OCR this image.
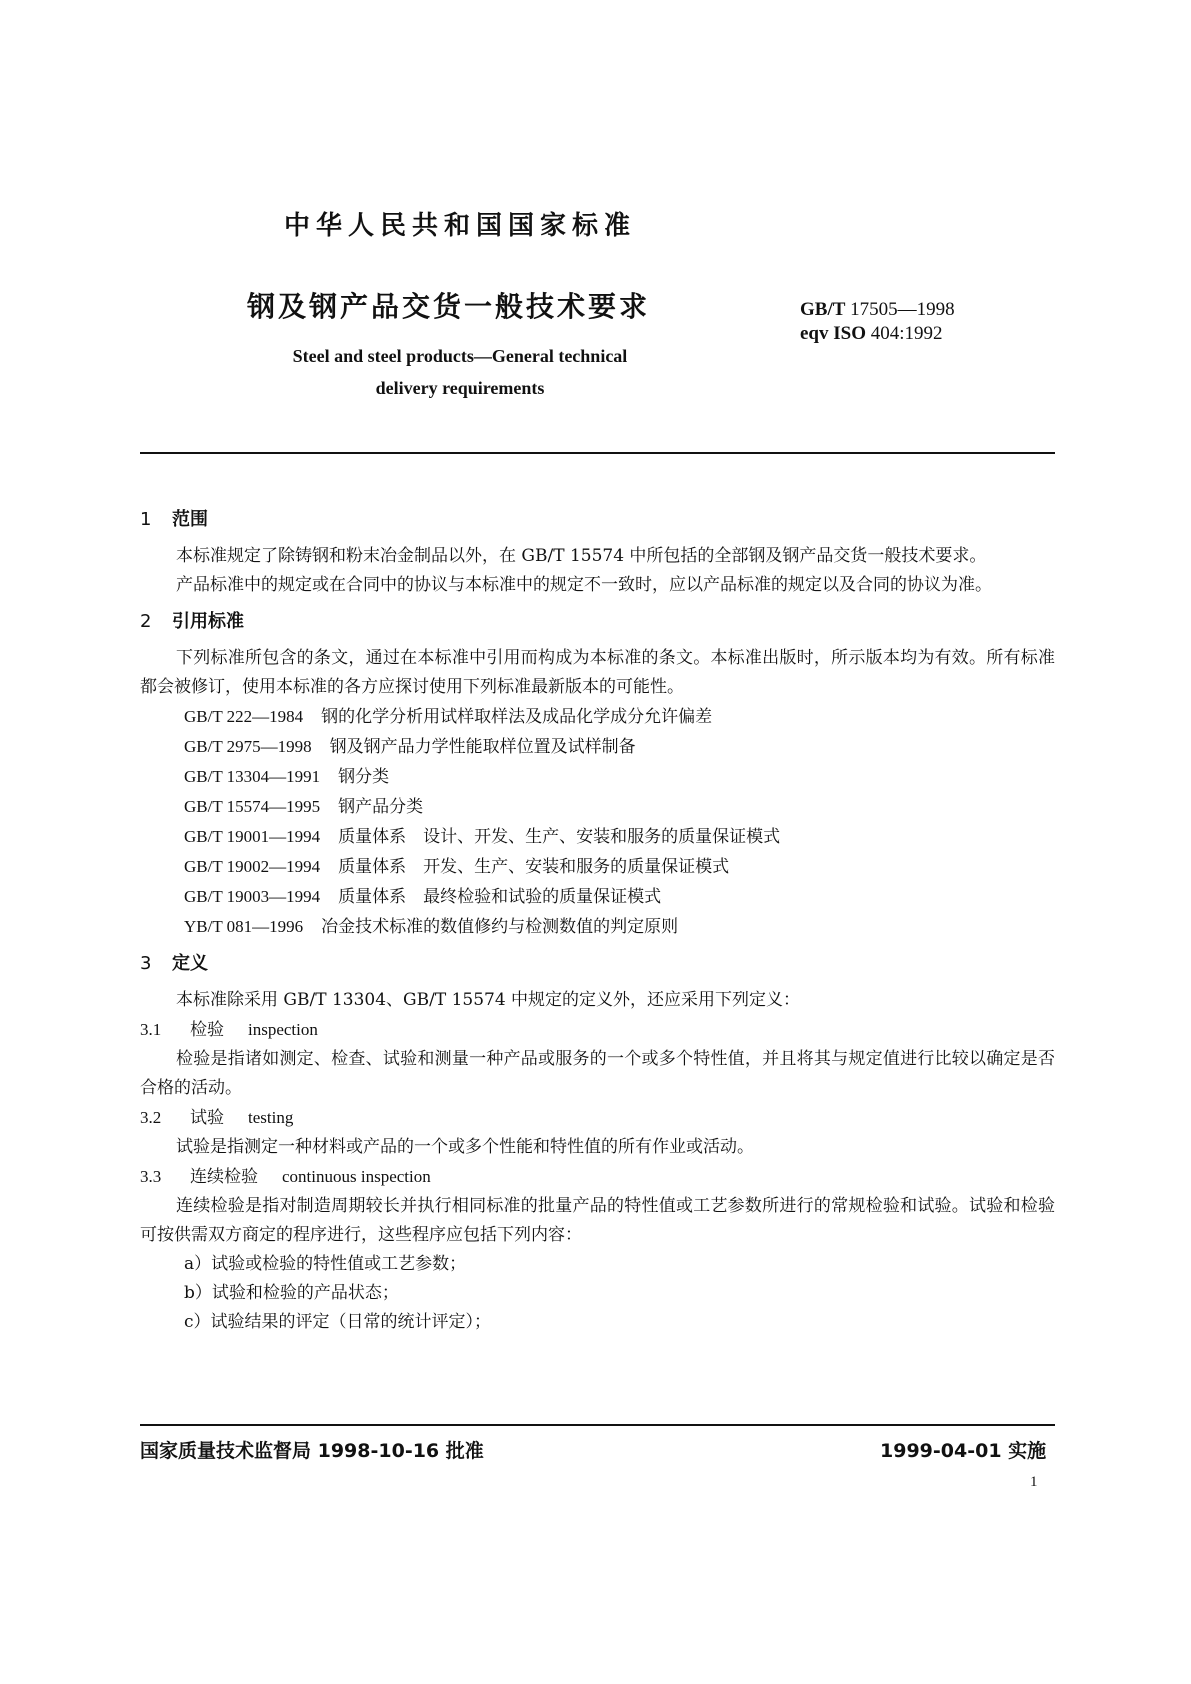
中华人民共和国国家标准
钢及钢产品交货一般技术要求	GB/T 17505—1998
eqv ISO 404:1992
Steel and steel products—General technical
delivery requirements
1 范围

本标准规定了除铸钢和粉末冶金制品以外，在 GB/T 15574 中所包括的全部钢及钢产品交货一般技术要求。

产品标准中的规定或在合同中的协议与本标准中的规定不一致时，应以产品标准的规定以及合同的协议为准。

2 引用标准

下列标准所包含的条文，通过在本标准中引用而构成为本标准的条文。本标准出版时，所示版本均为有效。所有标准都会被修订，使用本标准的各方应探讨使用下列标准最新版本的可能性。

GB/T 222—1984 钢的化学分析用试样取样法及成品化学成分允许偏差
GB/T 2975—1998 钢及钢产品力学性能取样位置及试样制备
GB/T 13304—1991 钢分类
GB/T 15574—1995 钢产品分类
GB/T 19001—1994 质量体系　设计、开发、生产、安装和服务的质量保证模式
GB/T 19002—1994 质量体系　开发、生产、安装和服务的质量保证模式
GB/T 19003—1994 质量体系　最终检验和试验的质量保证模式
YB/T 081—1996 冶金技术标准的数值修约与检测数值的判定原则
3 定义

本标准除采用 GB/T 13304、GB/T 15574 中规定的定义外，还应采用下列定义：

3.1 检验 inspection

检验是指诸如测定、检查、试验和测量一种产品或服务的一个或多个特性值，并且将其与规定值进行比较以确定是否合格的活动。

3.2 试验 testing

试验是指测定一种材料或产品的一个或多个性能和特性值的所有作业或活动。

3.3 连续检验 continuous inspection

连续检验是指对制造周期较长并执行相同标准的批量产品的特性值或工艺参数所进行的常规检验和试验。试验和检验可按供需双方商定的程序进行，这些程序应包括下列内容：

a）试验或检验的特性值或工艺参数；
b）试验和检验的产品状态；
c）试验结果的评定（日常的统计评定）；
国家质量技术监督局 1998-10-16 批准	1999-04-01 实施
1
